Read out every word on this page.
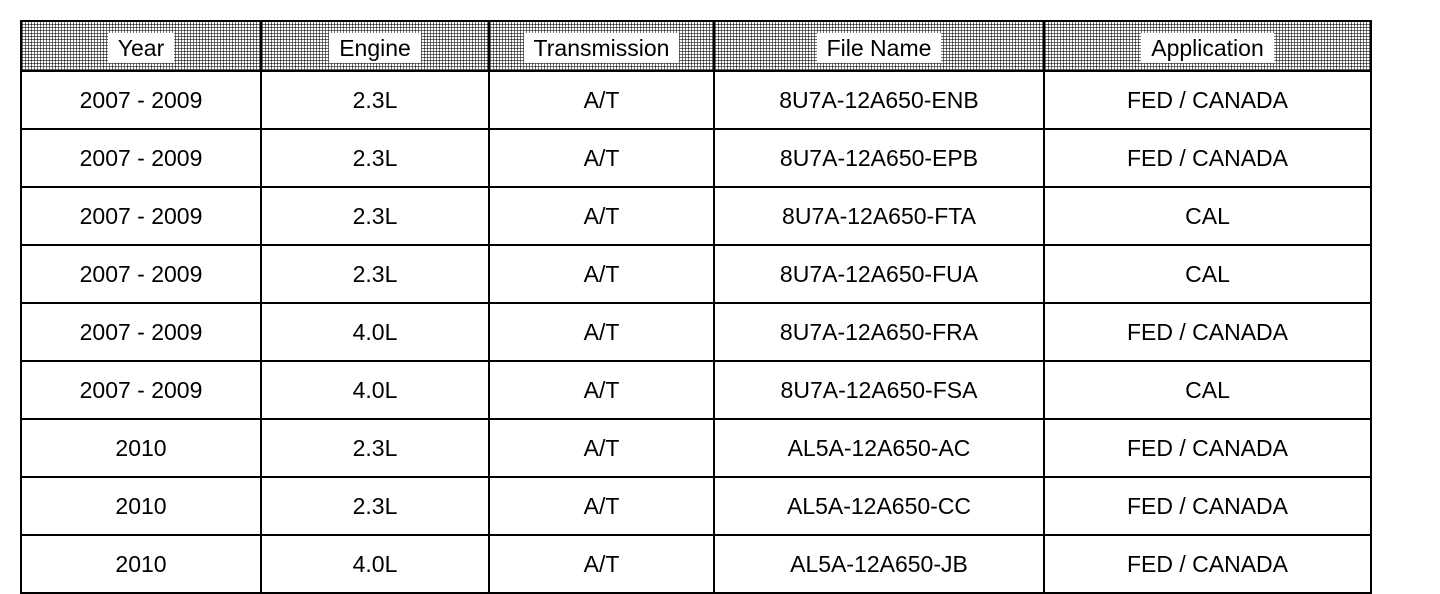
Year	Engine	Transmission	File Name	Application
2007 - 2009	2.3L	A/T	8U7A-12A650-ENB	FED / CANADA
2007 - 2009	2.3L	A/T	8U7A-12A650-EPB	FED / CANADA
2007 - 2009	2.3L	A/T	8U7A-12A650-FTA	CAL
2007 - 2009	2.3L	A/T	8U7A-12A650-FUA	CAL
2007 - 2009	4.0L	A/T	8U7A-12A650-FRA	FED / CANADA
2007 - 2009	4.0L	A/T	8U7A-12A650-FSA	CAL
2010	2.3L	A/T	AL5A-12A650-AC	FED / CANADA
2010	2.3L	A/T	AL5A-12A650-CC	FED / CANADA
2010	4.0L	A/T	AL5A-12A650-JB	FED / CANADA
